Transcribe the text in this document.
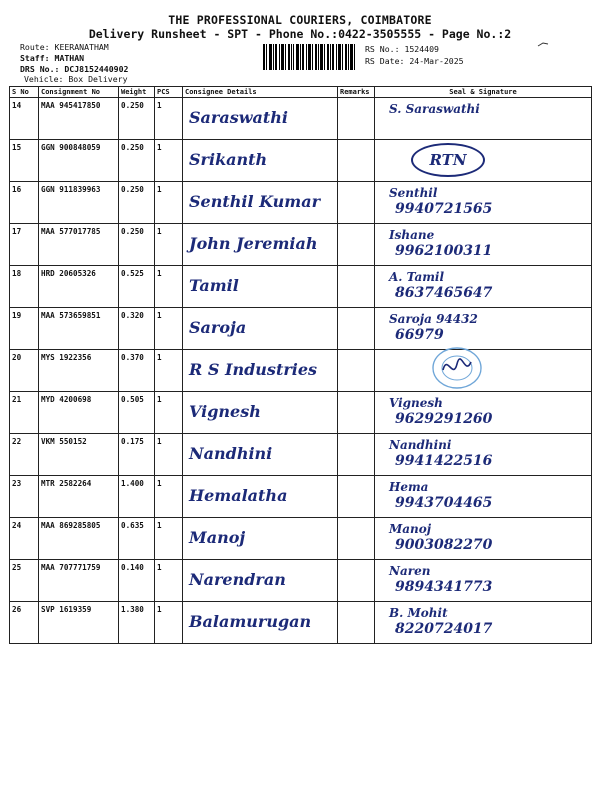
THE PROFESSIONAL COURIERS, COIMBATORE
Delivery Runsheet - SPT - Phone No.:0422-3505555 - Page No.:2
Route: KEERANATHAM
Staff: MATHAN
DRS No.: DCJ8152440902
Vehicle: Box Delivery
RS No.: 1524409
RS Date: 24-Mar-2025
S No	Consignment No	Weight	PCS	Consignee Details	Remarks	Seal & Signature
14	MAA 945417850	0.250	1	Saraswathi		S. Saraswathi

15	GGN 900848059	0.250	1	Srikanth		RTN

16	GGN 911839963	0.250	1	Senthil Kumar		Senthil
9940721565

17	MAA 577017785	0.250	1	John Jeremiah		Ishane
9962100311

18	HRD 20605326	0.525	1	Tamil		A. Tamil
8637465647

19	MAA 573659851	0.320	1	Saroja		Saroja 94432
66979

20	MYS 1922356	0.370	1	R S Industries

21	MYD 4200698	0.505	1	Vignesh		Vignesh
9629291260

22	VKM 550152	0.175	1	Nandhini		Nandhini
9941422516

23	MTR 2582264	1.400	1	Hemalatha		Hema
9943704465

24	MAA 869285805	0.635	1	Manoj		Manoj
9003082270

25	MAA 707771759	0.140	1	Narendran		Naren
9894341773

26	SVP 1619359	1.380	1	Balamurugan		B. Mohit
8220724017
